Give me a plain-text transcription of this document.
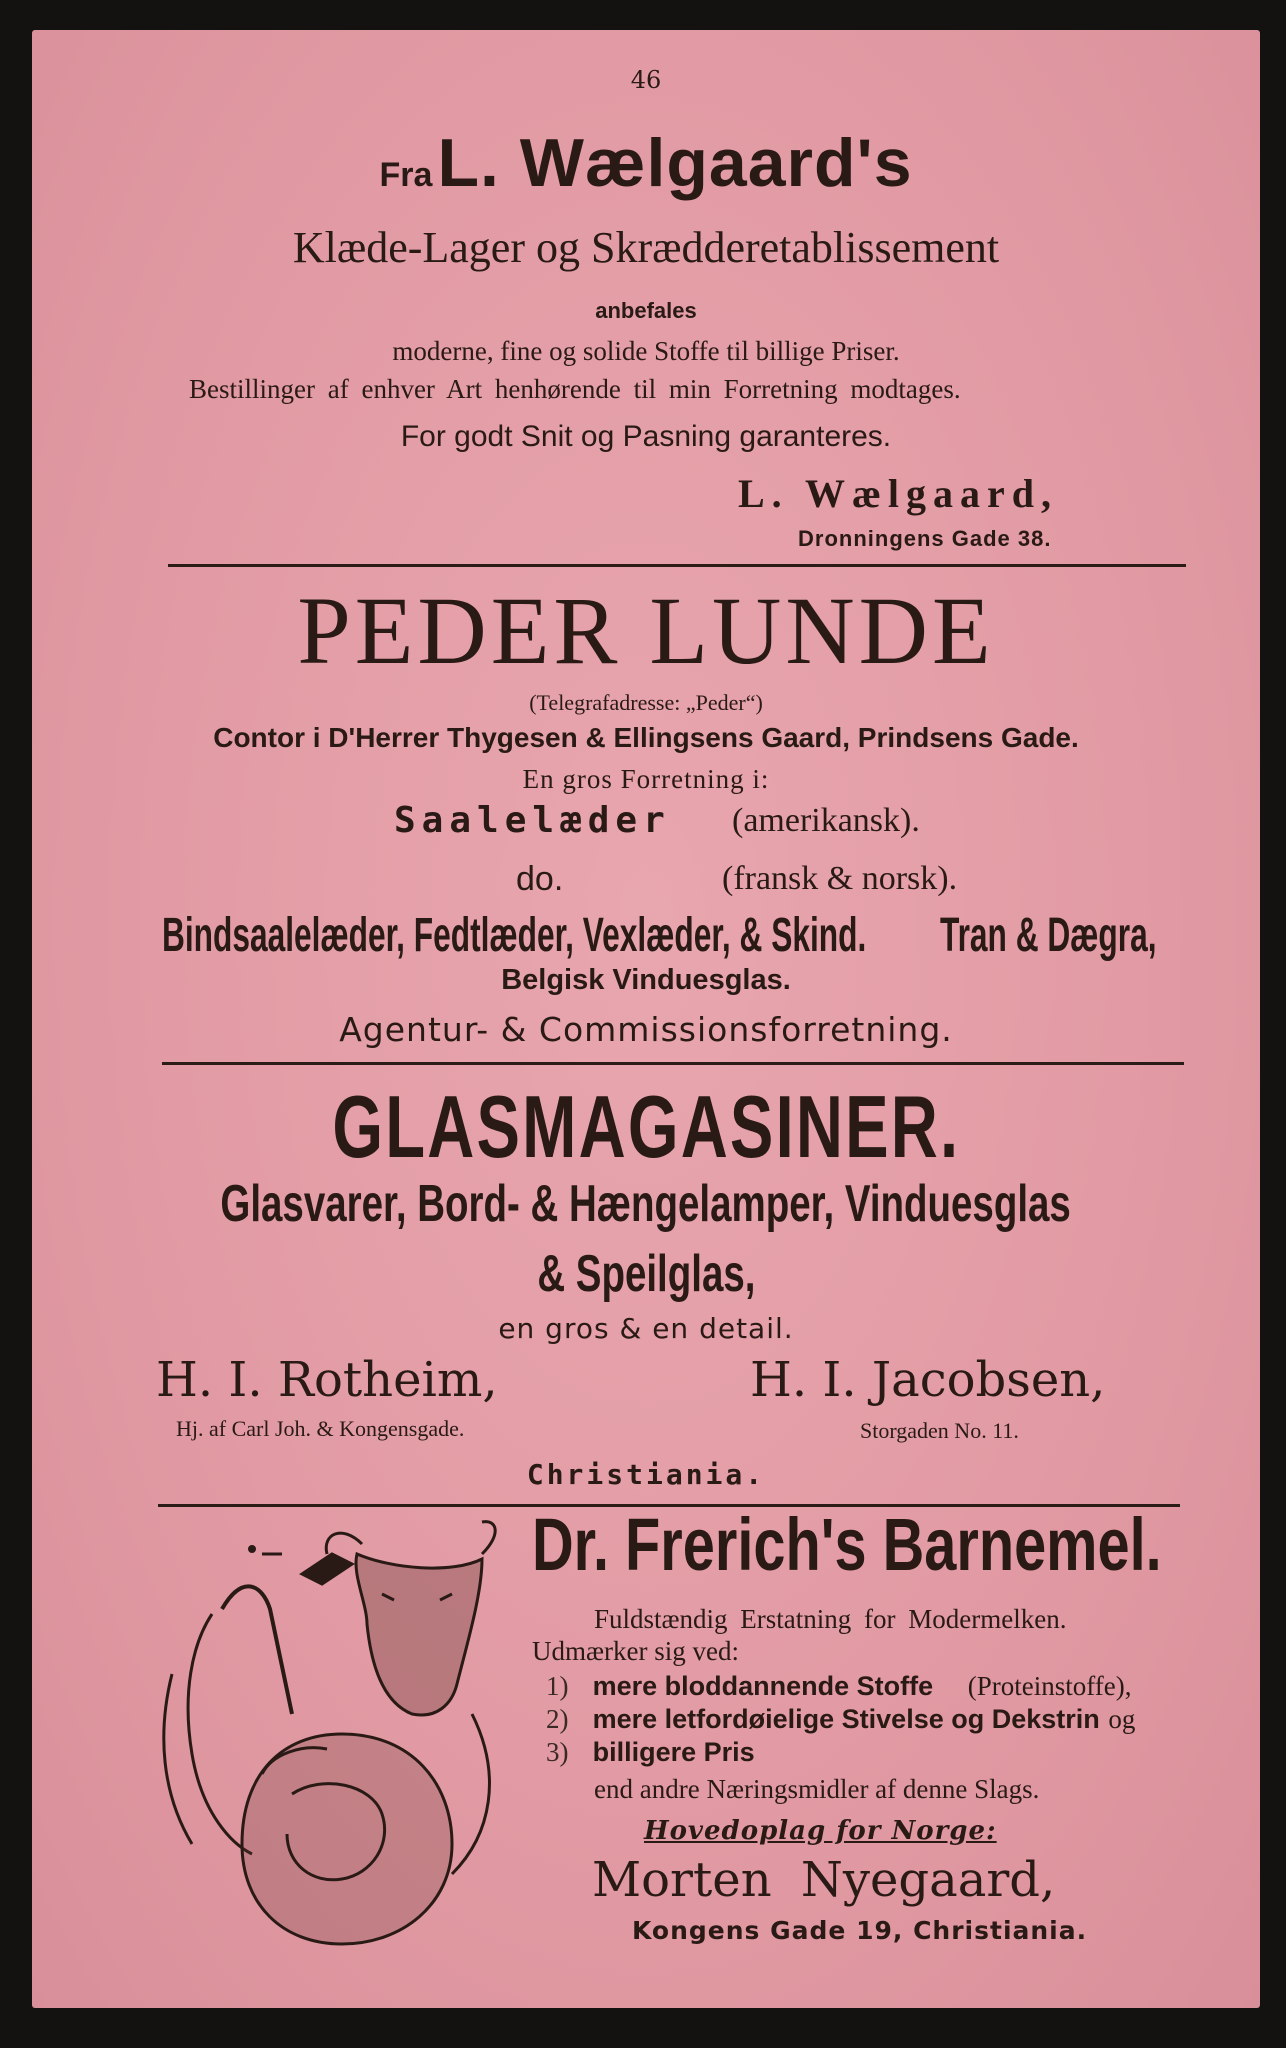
46
Fra L. Wælgaard's
Klæde-Lager og Skrædderetablissement
anbefales
moderne, fine og solide Stoffe til billige Priser.
Bestillinger af enhver Art henhørende til min Forretning modtages.
For godt Snit og Pasning garanteres.
L. Wælgaard,
Dronningens Gade 38.
PEDER LUNDE
(Telegrafadresse: „Peder“)
Contor i D'Herrer Thygesen & Ellingsens Gaard, Prindsens Gade.
En gros Forretning i:
Saalelæder (amerikansk).
do.	(fransk & norsk).
Bindsaalelæder, Fedtlæder, Vexlæder, & Skind. Tran & Dægra,
Belgisk Vinduesglas.
Agentur- & Commissionsforretning.
GLASMAGASINER.
Glasvarer, Bord- & Hængelamper, Vinduesglas
& Speilglas,
en gros & en detail.
H. I. Rotheim,
Hj. af Carl Joh. & Kongensgade.
H. I. Jacobsen,
Storgaden No. 11.
Christiania.
Dr. Frerich's Barnemel.
Fuldstændig Erstatning for Modermelken.
Udmærker sig ved:
1) mere bloddannende Stoffe (Proteinstoffe),
2) mere letfordøielige Stivelse og Dekstrin og
3) billigere Pris
end andre Næringsmidler af denne Slags.
Hovedoplag for Norge:
Morten Nyegaard,
Kongens Gade 19, Christiania.
